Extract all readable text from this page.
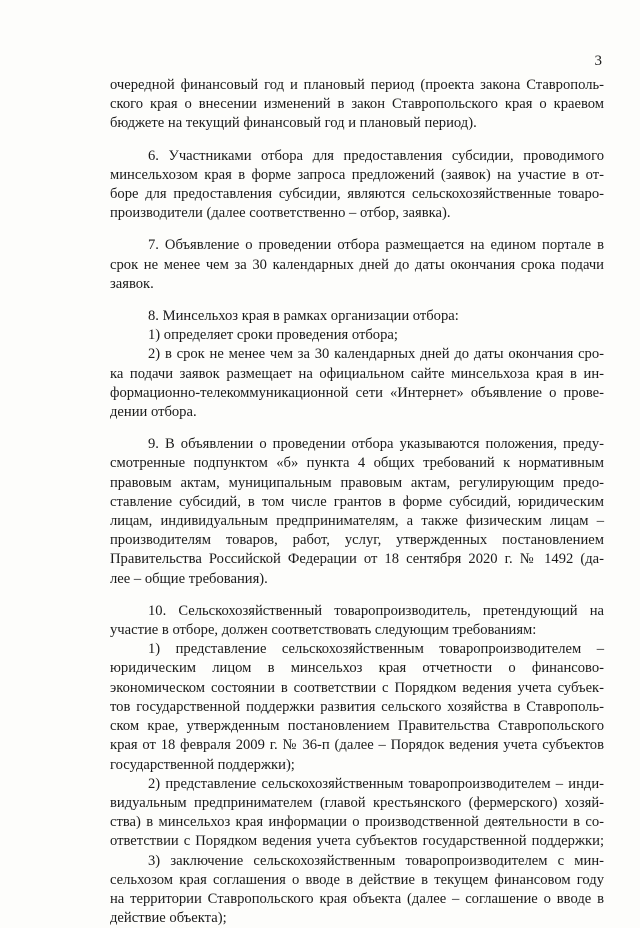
3
очередной финансовый год и плановый период (проекта закона Ставрополь-
ского края о внесении изменений в закон Ставропольского края о краевом
бюджете на текущий финансовый год и плановый период).
6. Участниками отбора для предоставления субсидии, проводимого
минсельхозом края в форме запроса предложений (заявок) на участие в от-
боре для предоставления субсидии, являются сельскохозяйственные товаро-
производители (далее соответственно – отбор, заявка).
7. Объявление о проведении отбора размещается на едином портале в
срок не менее чем за 30 календарных дней до даты окончания срока подачи
заявок.
8. Минсельхоз края в рамках организации отбора:
1) определяет сроки проведения отбора;
2) в срок не менее чем за 30 календарных дней до даты окончания сро-
ка подачи заявок размещает на официальном сайте минсельхоза края в ин-
формационно-телекоммуникационной сети «Интернет» объявление о прове-
дении отбора.
9. В объявлении о проведении отбора указываются положения, преду-
смотренные подпунктом «б» пункта 4 общих требований к нормативным
правовым актам, муниципальным правовым актам, регулирующим предо-
ставление субсидий, в том числе грантов в форме субсидий, юридическим
лицам, индивидуальным предпринимателям, а также физическим лицам –
производителям товаров, работ, услуг, утвержденных постановлением
Правительства Российской Федерации от 18 сентября 2020 г. № 1492 (да-
лее – общие требования).
10. Сельскохозяйственный товаропроизводитель, претендующий на
участие в отборе, должен соответствовать следующим требованиям:
1) представление сельскохозяйственным товаропроизводителем –
юридическим лицом в минсельхоз края отчетности о финансово-
экономическом состоянии в соответствии с Порядком ведения учета субъек-
тов государственной поддержки развития сельского хозяйства в Ставрополь-
ском крае, утвержденным постановлением Правительства Ставропольского
края от 18 февраля 2009 г. № 36-п (далее – Порядок ведения учета субъектов
государственной поддержки);
2) представление сельскохозяйственным товаропроизводителем – инди-
видуальным предпринимателем (главой крестьянского (фермерского) хозяй-
ства) в минсельхоз края информации о производственной деятельности в со-
ответствии с Порядком ведения учета субъектов государственной поддержки;
3) заключение сельскохозяйственным товаропроизводителем с мин-
сельхозом края соглашения о вводе в действие в текущем финансовом году
на территории Ставропольского края объекта (далее – соглашение о вводе в
действие объекта);
